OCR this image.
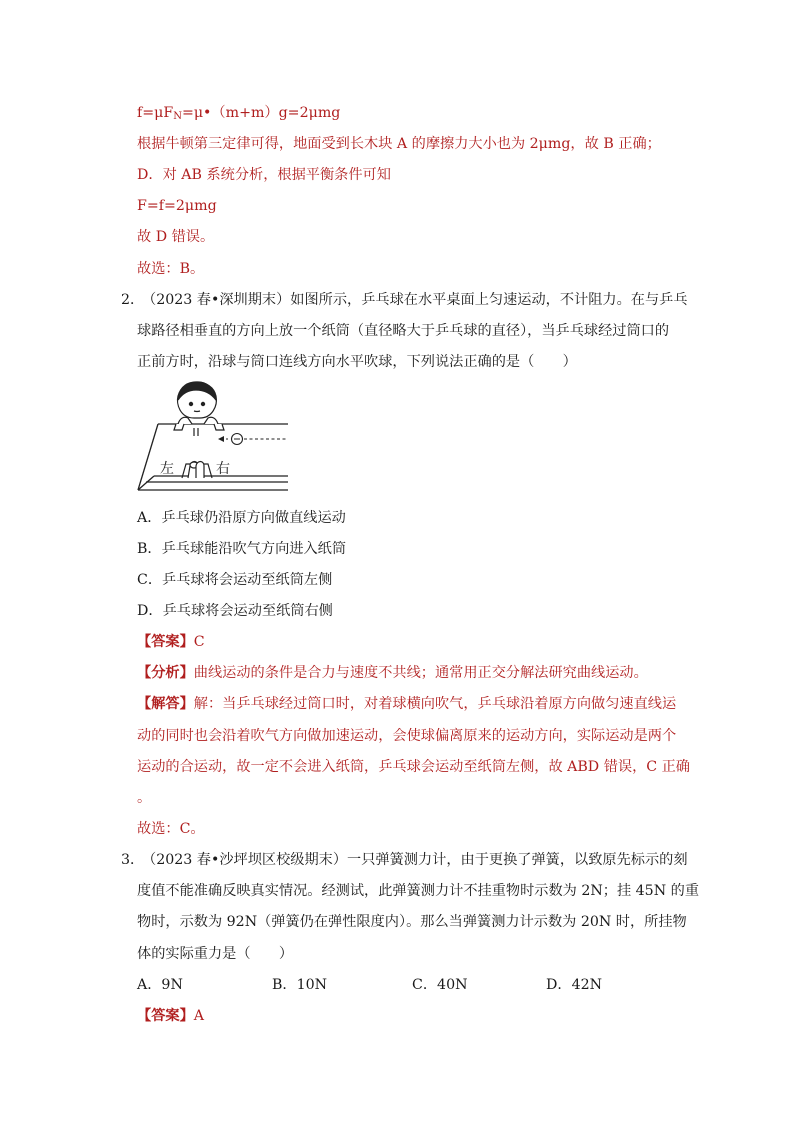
$f=\mu F_N=\mu•(m+m)g=2\mu mg$
根据牛顿第三定律可得，地面受到长木块 A 的摩擦力大小也为 2μmg，故 B 正确；
D．对 AB 系统分析，根据平衡条件可知
F=f=2μmg
故 D 错误。
故选：B。
2．
（2023 春•深圳期末）如图所示，乒乓球在水平桌面上匀速运动，不计阻力。在与乒乓
球路径相垂直的方向上放一个纸筒（直径略大于乒乓球的直径），当乒乓球经过筒口的
正前方时，沿球与筒口连线方向水平吹球，下列说法正确的是（　　）
左	右
A．乒乓球仍沿原方向做直线运动
B．乒乓球能沿吹气方向进入纸筒
C．乒乓球将会运动至纸筒左侧
D．乒乓球将会运动至纸筒右侧
【答案】C
【分析】曲线运动的条件是合力与速度不共线；通常用正交分解法研究曲线运动。
【解答】解：当乒乓球经过筒口时，对着球横向吹气，乒乓球沿着原方向做匀速直线运
动的同时也会沿着吹气方向做加速运动，会使球偏离原来的运动方向，实际运动是两个
运动的合运动，故一定不会进入纸筒，乒乓球会运动至纸筒左侧，故 ABD 错误，C 正确
。
故选：C。
3．
（2023 春•沙坪坝区校级期末）一只弹簧测力计，由于更换了弹簧，以致原先标示的刻
度值不能准确反映真实情况。经测试，此弹簧测力计不挂重物时示数为 2N；挂 45N 的重
物时，示数为 92N（弹簧仍在弹性限度内）。那么当弹簧测力计示数为 20N 时，所挂物
体的实际重力是（　　）
A．9N	B．10N	C．40N	D．42N
【答案】A
